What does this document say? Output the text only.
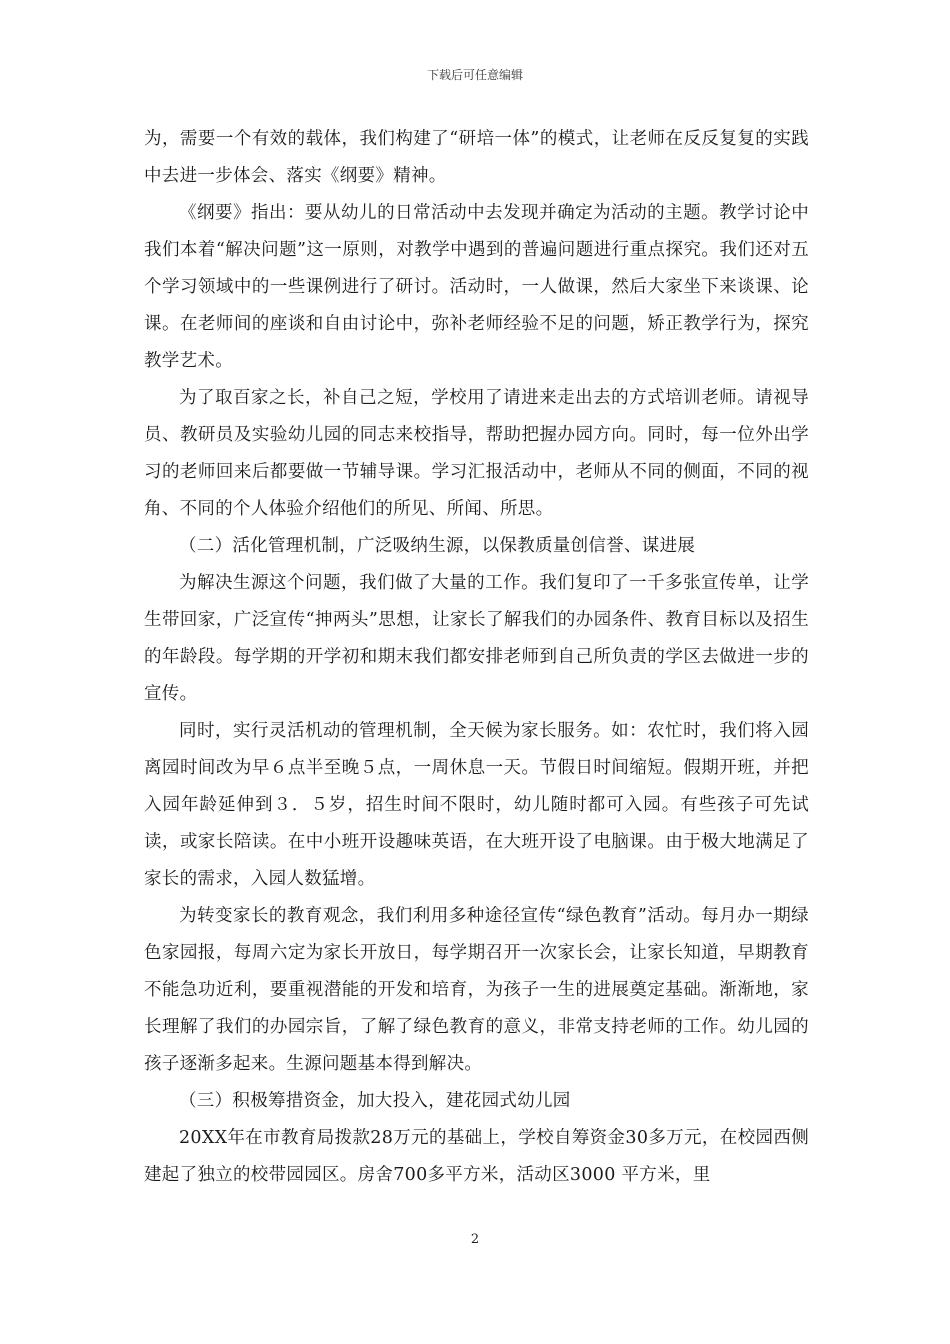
下载后可任意编辑

为，需要一个有效的载体，我们构建了“研培一体”的模式，让老师在反反复复的实践中去进一步体会、落实《纲要》精神。

《纲要》指出：要从幼儿的日常活动中去发现并确定为活动的主题。教学讨论中我们本着“解决问题”这一原则，对教学中遇到的普遍问题进行重点探究。我们还对五个学习领域中的一些课例进行了研讨。活动时，一人做课，然后大家坐下来谈课、论课。在老师间的座谈和自由讨论中，弥补老师经验不足的问题，矫正教学行为，探究教学艺术。

为了取百家之长，补自己之短，学校用了请进来走出去的方式培训老师。请视导员、教研员及实验幼儿园的同志来校指导，帮助把握办园方向。同时，每一位外出学习的老师回来后都要做一节辅导课。学习汇报活动中，老师从不同的侧面，不同的视角、不同的个人体验介绍他们的所见、所闻、所思。

（二）活化管理机制，广泛吸纳生源，以保教质量创信誉、谋进展

为解决生源这个问题，我们做了大量的工作。我们复印了一千多张宣传单，让学生带回家，广泛宣传“抻两头”思想，让家长了解我们的办园条件、教育目标以及招生的年龄段。每学期的开学初和期末我们都安排老师到自己所负责的学区去做进一步的宣传。

同时，实行灵活机动的管理机制，全天候为家长服务。如：农忙时，我们将入园离园时间改为早６点半至晚５点，一周休息一天。节假日时间缩短。假期开班，并把入园年龄延伸到３．５岁，招生时间不限时，幼儿随时都可入园。有些孩子可先试读，或家长陪读。在中小班开设趣味英语，在大班开设了电脑课。由于极大地满足了家长的需求，入园人数猛增。

为转变家长的教育观念，我们利用多种途径宣传“绿色教育”活动。每月办一期绿色家园报，每周六定为家长开放日，每学期召开一次家长会，让家长知道，早期教育不能急功近利，要重视潜能的开发和培育，为孩子一生的进展奠定基础。渐渐地，家长理解了我们的办园宗旨，了解了绿色教育的意义，非常支持老师的工作。幼儿园的孩子逐渐多起来。生源问题基本得到解决。

（三）积极筹措资金，加大投入，建花园式幼儿园

20XX年在市教育局拨款28万元的基础上，学校自筹资金30多万元，在校园西侧建起了独立的校带园园区。房舍700多平方米，活动区3000 平方米，里

2
